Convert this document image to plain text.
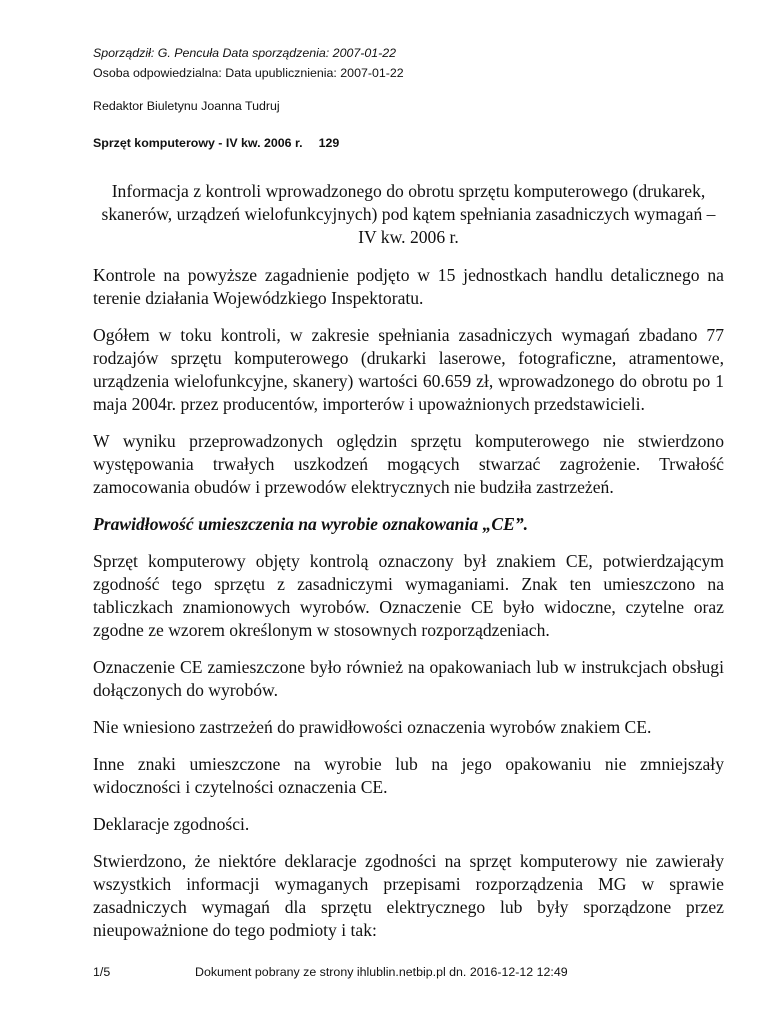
Sporządził: G. Pencuła Data sporządzenia: 2007-01-22
Osoba odpowiedzialna: Data upublicznienia: 2007-01-22
Redaktor Biuletynu Joanna Tudruj
Sprzęt komputerowy - IV kw. 2006 r. 129

Informacja z kontroli wprowadzonego do obrotu sprzętu komputerowego (drukarek, skanerów, urządzeń wielofunkcyjnych) pod kątem spełniania zasadniczych wymagań – IV kw. 2006 r.

Kontrole na powyższe zagadnienie podjęto w 15 jednostkach handlu detalicznego na terenie działania Wojewódzkiego Inspektoratu.

Ogółem w toku kontroli, w zakresie spełniania zasadniczych wymagań zbadano 77 rodzajów sprzętu komputerowego (drukarki laserowe, fotograficzne, atramentowe, urządzenia wielofunkcyjne, skanery) wartości 60.659 zł, wprowadzonego do obrotu po 1 maja 2004r. przez producentów, importerów i upoważnionych przedstawicieli.

W wyniku przeprowadzonych oględzin sprzętu komputerowego nie stwierdzono występowania trwałych uszkodzeń mogących stwarzać zagrożenie. Trwałość zamocowania obudów i przewodów elektrycznych nie budziła zastrzeżeń.

Prawidłowość umieszczenia na wyrobie oznakowania „CE”.

Sprzęt komputerowy objęty kontrolą oznaczony był znakiem CE, potwierdzającym zgodność tego sprzętu z zasadniczymi wymaganiami. Znak ten umieszczono na tabliczkach znamionowych wyrobów. Oznaczenie CE było widoczne, czytelne oraz zgodne ze wzorem określonym w stosownych rozporządzeniach.

Oznaczenie CE zamieszczone było również na opakowaniach lub w instrukcjach obsługi dołączonych do wyrobów.

Nie wniesiono zastrzeżeń do prawidłowości oznaczenia wyrobów znakiem CE.

Inne znaki umieszczone na wyrobie lub na jego opakowaniu nie zmniejszały widoczności i czytelności oznaczenia CE.

Deklaracje zgodności.

Stwierdzono, że niektóre deklaracje zgodności na sprzęt komputerowy nie zawierały wszystkich informacji wymaganych przepisami rozporządzenia MG w sprawie zasadniczych wymagań dla sprzętu elektrycznego lub były sporządzone przez nieupoważnione do tego podmioty i tak:

1/5	Dokument pobrany ze strony ihlublin.netbip.pl dn. 2016-12-12 12:49
